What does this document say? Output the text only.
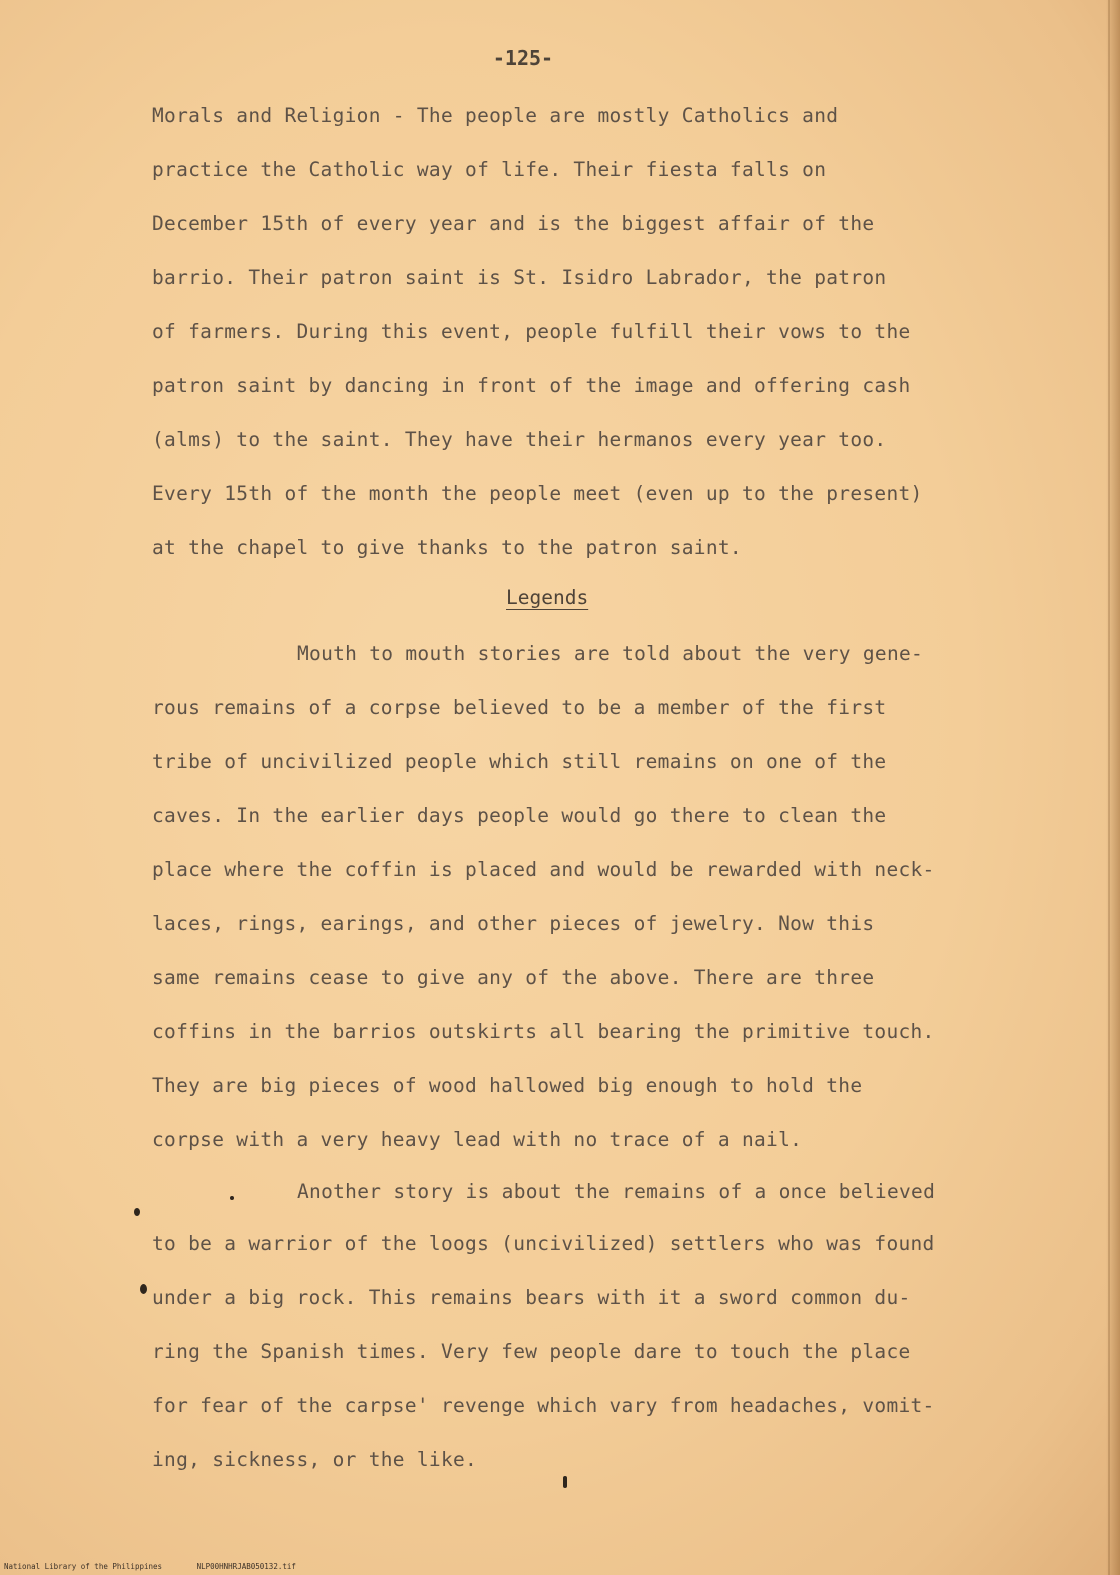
-125-
Morals and Religion - The people are mostly Catholics and
practice the Catholic way of life. Their fiesta falls on
December 15th of every year and is the biggest affair of the
barrio. Their patron saint is St. Isidro Labrador, the patron
of farmers. During this event, people fulfill their vows to the
patron saint by dancing in front of the image and offering cash
(alms) to the saint. They have their hermanos every year too.
Every 15th of the month the people meet (even up to the present)
at the chapel to give thanks to the patron saint.
Legends
Mouth to mouth stories are told about the very gene-
rous remains of a corpse believed to be a member of the first
tribe of uncivilized people which still remains on one of the
caves. In the earlier days people would go there to clean the
place where the coffin is placed and would be rewarded with neck-
laces, rings, earings, and other pieces of jewelry. Now this
same remains cease to give any of the above. There are three
coffins in the barrios outskirts all bearing the primitive touch.
They are big pieces of wood hallowed big enough to hold the
corpse with a very heavy lead with no trace of a nail.
Another story is about the remains of a once believed
to be a warrior of the loogs (uncivilized) settlers who was found
under a big rock. This remains bears with it a sword common du-
ring the Spanish times. Very few people dare to touch the place
for fear of the carpse' revenge which vary from headaches, vomit-
ing, sickness, or the like.
National Library of the Philippines	NLP00HNHRJAB050132.tif
